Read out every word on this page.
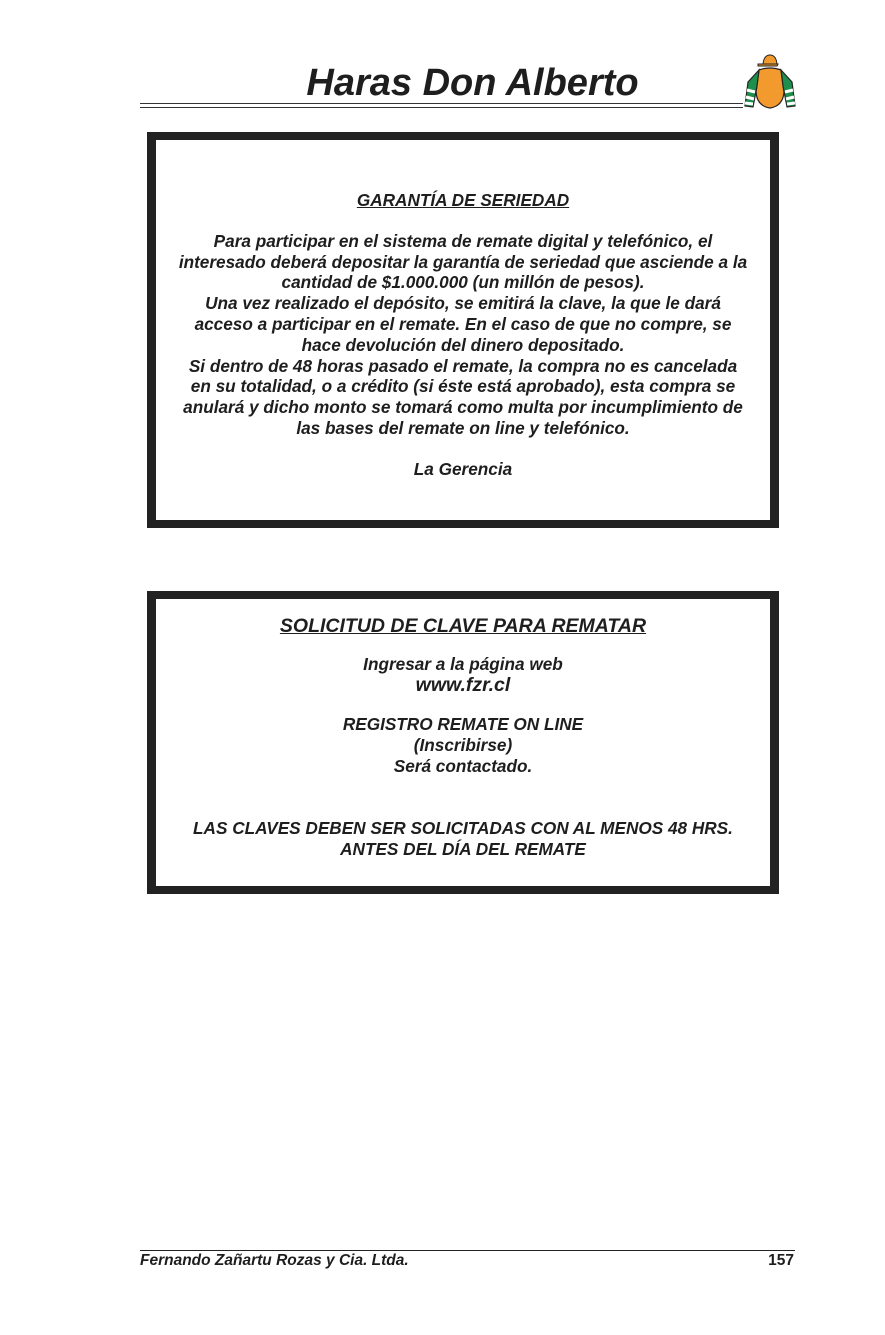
Haras Don Alberto
GARANTÍA DE SERIEDAD
Para participar en el sistema de remate digital y telefónico, el
interesado deberá depositar la garantía de seriedad que asciende a la
cantidad de $1.000.000 (un millón de pesos).
Una vez realizado el depósito, se emitirá la clave, la que le dará
acceso a participar en el remate. En el caso de que no compre, se
hace devolución del dinero depositado.
Si dentro de 48 horas pasado el remate, la compra no es cancelada
en su totalidad, o a crédito (si éste está aprobado), esta compra se
anulará y dicho monto se tomará como multa por incumplimiento de
las bases del remate on line y telefónico.
La Gerencia
SOLICITUD DE CLAVE PARA REMATAR
Ingresar a la página web
www.fzr.cl
REGISTRO REMATE ON LINE
(Inscribirse)
Será contactado.
LAS CLAVES DEBEN SER SOLICITADAS CON AL MENOS 48 HRS.
ANTES DEL DÍA DEL REMATE
Fernando Zañartu Rozas y Cia. Ltda.	157
